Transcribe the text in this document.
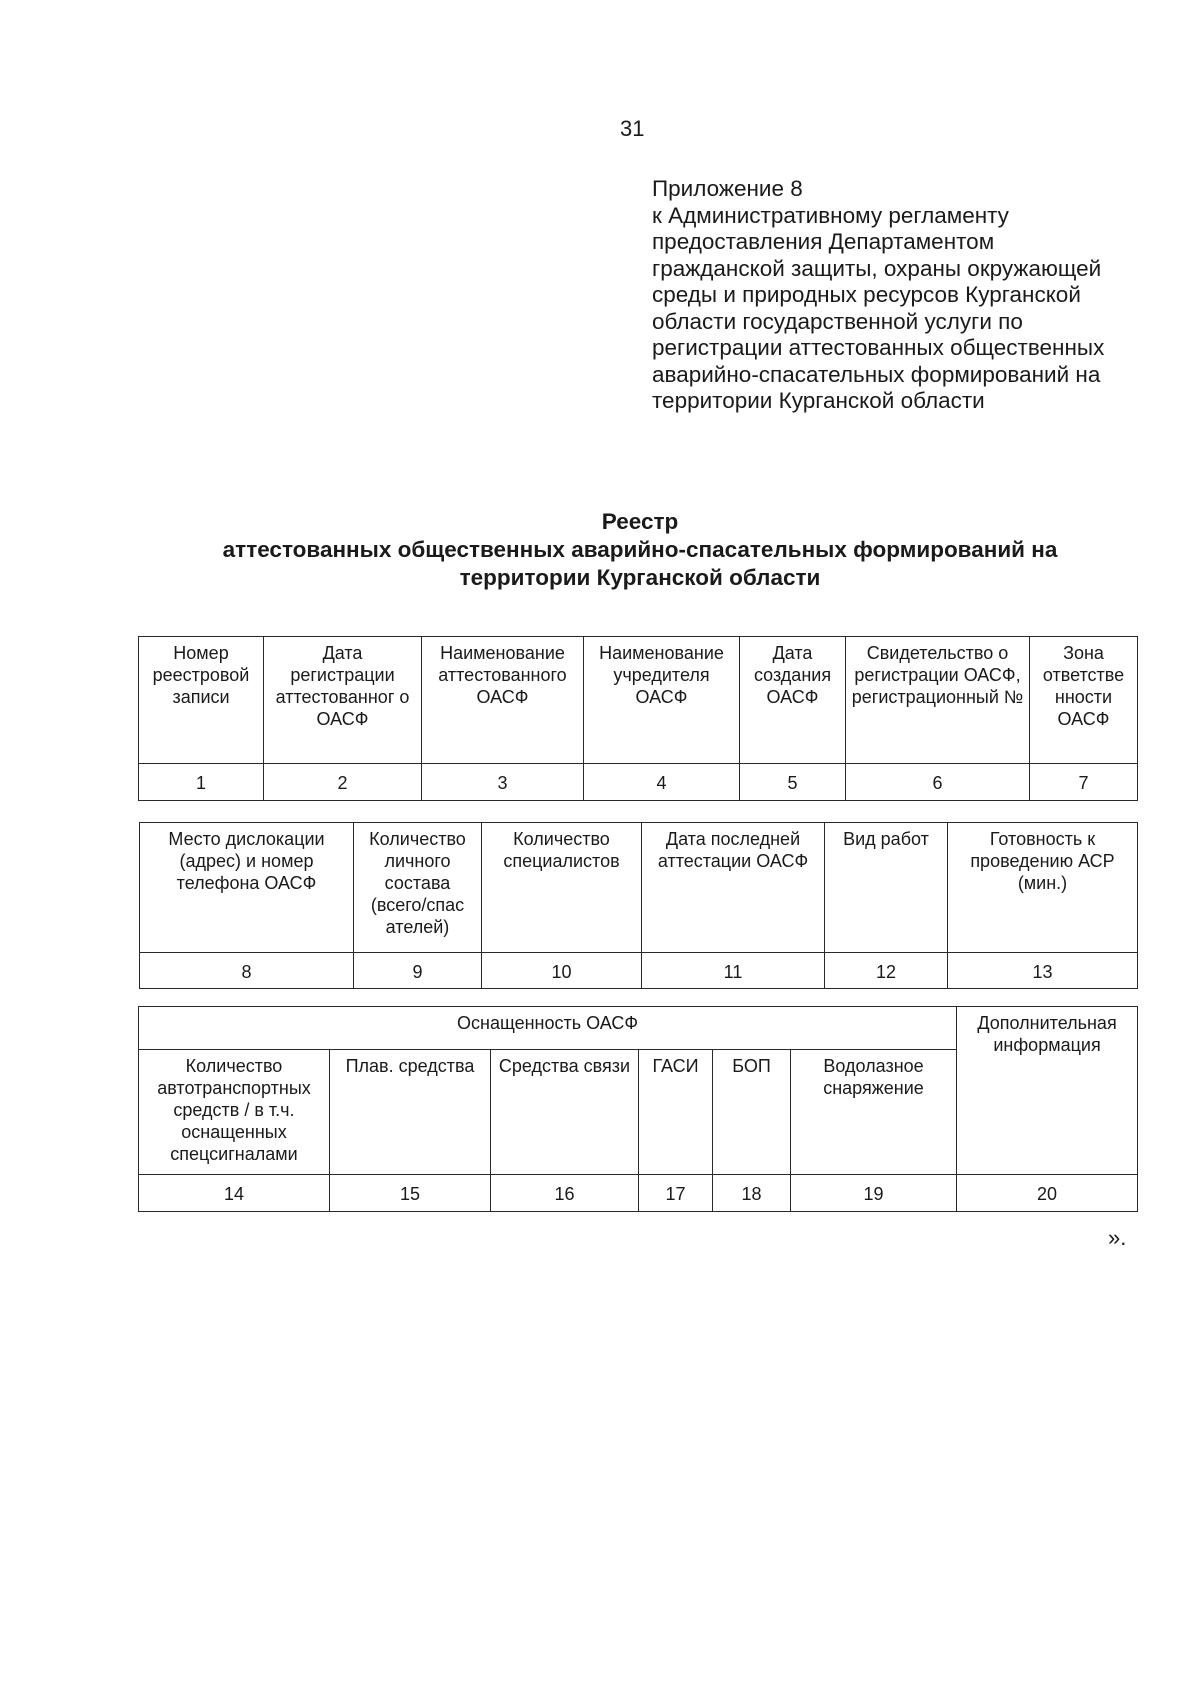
31
Приложение 8
к Административному регламенту
предоставления Департаментом
гражданской защиты, охраны окружающей
среды и природных ресурсов Курганской
области государственной услуги по
регистрации аттестованных общественных
аварийно-спасательных формирований на
территории Курганской области
Реестр
аттестованных общественных аварийно-спасательных формирований на
территории Курганской области
Номер реестровой записи	Дата регистрации аттестованног о ОАСФ	Наименование аттестованного ОАСФ	Наименование учредителя ОАСФ	Дата создания ОАСФ	Свидетельство о регистрации ОАСФ, регистрационный №	Зона ответстве нности ОАСФ
1	2	3	4	5	6	7
Место дислокации (адрес) и номер телефона ОАСФ	Количество личного состава (всего/спас ателей)	Количество специалистов	Дата последней аттестации ОАСФ	Вид работ	Готовность к проведению АСР (мин.)
8	9	10	11	12	13
Оснащенность ОАСФ						Дополнительная информация
Количество автотранспортных средств / в т.ч. оснащенных спецсигналами	Плав. средства	Средства связи	ГАСИ	БОП	Водолазное снаряжение	
14	15	16	17	18	19	20
».
